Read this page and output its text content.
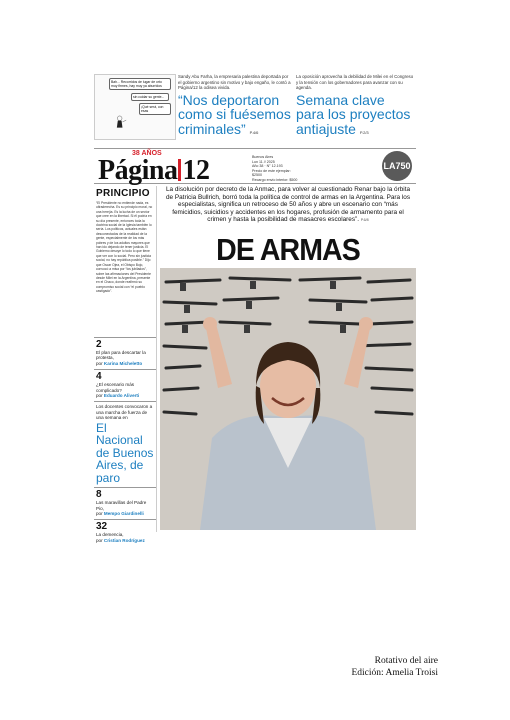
Bah... Recorridos de lugar de orto muy firmes, hay muy ya aburridos
sin cuidar su gente...
¡Qué será, con esas
Sandy Abu Farha, la empresaria palestina deportada por el gobierno argentino sin motivo y bajo engaño, le contó a Página/12 la odisea vivida.
“Nos deportaron como si fuésemos criminales” P.4/6
La oposición aprovecha la debilidad de Milei en el Congreso y la tensión con los gobernadores para avanzar con su agenda.
Semana clave para los proyectos antiajuste P.2/3
38 AÑOS
Página 12	Buenos Aires
Lun 11 // 2025
Año 38 · N° 12.193
Precio de este ejemplar: $2500
Recargo envío interior: $500
LA750
PRINCIPIO
“El Presidente no entiende nada, es ultraderecha. Es su principio moral, no una herejía. Es la lucha de un sector que cree en la libertad. Si él podría en su día presente, entonces toda la doctrina social de la Iglesia también lo sería. Los politicos, actuales están desconectados de la realidad de la gente, especialmente de los más pobres y de los adultos mayores que han ido dejando de tener justicia. El Gobierno desoye lo todo lo que tiene que ver con lo social. Pero sin justicia social, no hay república posible.” Dijo que Oscar Ojea, el Obispo Bojo, convocó a misa por “los jubilados”, sobre las afirmaciones del Presidente desde Milei en la Argentina, presente en el Chaco, donde reafirmó su compromiso social con “el pueblo castigado”.
2
El plan para descartar la protesta,
por Karina Micheletto
4
¿El escenario más complicado?
por Eduardo Aliverti
Los docentes convocaron a una marcha de fuerza de una semana en
El Nacional de Buenos Aires, de paro
8
Las maravillas del Padre Pio,
por Mempo Giardinelli
32
La demencia,
por Cristian Rodríguez
La disolución por decreto de la Anmac, para volver al cuestionado Renar bajo la órbita de Patricia Bullrich, borró toda la política de control de armas en la Argentina. Para los especialistas, significa un retroceso de 50 años y abre un escenario con “más femicidios, suicidios y accidentes en los hogares, profusión de armamento para el crimen y hasta la posibilidad de masacres escolares”. P.6/8
DE ARMAS
Rotativo del aire
Edición: Amelia Troisi
